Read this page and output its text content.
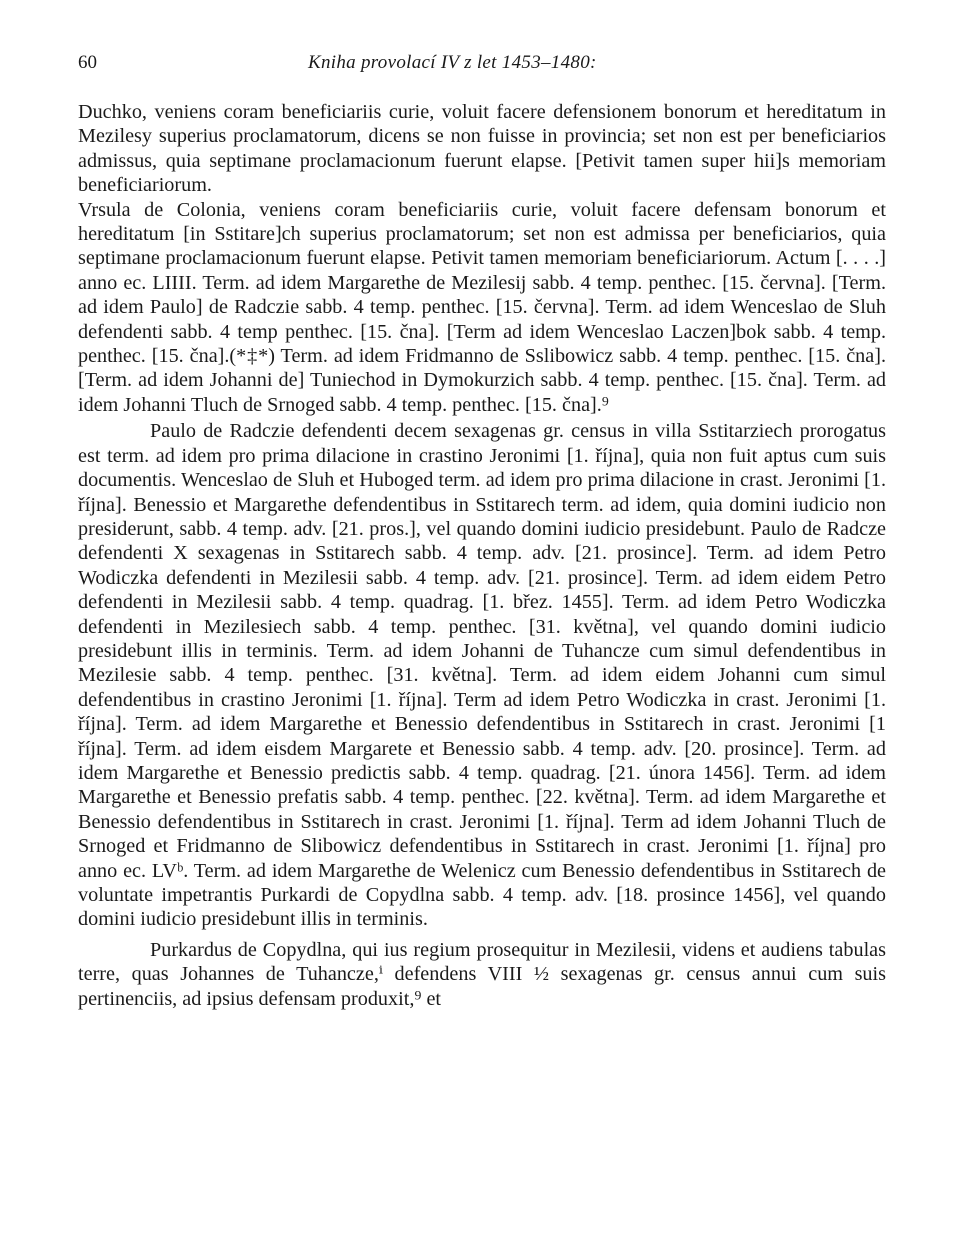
60	Kniha provolací IV z let 1453–1480:

Duchko, veniens coram beneficiariis curie, voluit facere defensionem bonorum et hereditatum in Mezilesy superius proclamatorum, dicens se non fuisse in provincia; set non est per beneficiarios admissus, quia septimane proclamacionum fuerunt elapse. [Petivit tamen super hii]s memoriam beneficiariorum.

Vrsula de Colonia, veniens coram beneficiariis curie, voluit facere defensam bonorum et hereditatum [in Sstitare]ch superius proclamatorum; set non est admissa per beneficiarios, quia septimane proclamacionum fuerunt elapse. Petivit tamen memoriam beneficiariorum. Actum [. . . .] anno ec. LIIII. Term. ad idem Margarethe de Mezilesij sabb. 4 temp. penthec. [15. června]. [Term. ad idem Paulo] de Radczie sabb. 4 temp. penthec. [15. června]. Term. ad idem Wenceslao de Sluh defendenti sabb. 4 temp penthec. [15. čna]. [Term ad idem Wenceslao Laczen]bok sabb. 4 temp. penthec. [15. čna].(*‡*) Term. ad idem Fridmanno de Sslibowicz sabb. 4 temp. penthec. [15. čna]. [Term. ad idem Johanni de] Tuniechod in Dymokurzich sabb. 4 temp. penthec. [15. čna]. Term. ad idem Johanni Tluch de Srnoged sabb. 4 temp. penthec. [15. čna].⁹

Paulo de Radczie defendenti decem sexagenas gr. census in villa Sstitarziech prorogatus est term. ad idem pro prima dilacione in crastino Jeronimi [1. října], quia non fuit aptus cum suis documentis. Wenceslao de Sluh et Huboged term. ad idem pro prima dilacione in crast. Jeronimi [1. října]. Benessio et Margarethe defendentibus in Sstitarech term. ad idem, quia domini iudicio non presiderunt, sabb. 4 temp. adv. [21. pros.], vel quando domini iudicio presidebunt. Paulo de Radcze defendenti X sexagenas in Sstitarech sabb. 4 temp. adv. [21. prosince]. Term. ad idem Petro Wodiczka defendenti in Mezilesii sabb. 4 temp. adv. [21. prosince]. Term. ad idem eidem Petro defendenti in Mezilesii sabb. 4 temp. quadrag. [1. břez. 1455]. Term. ad idem Petro Wodiczka defendenti in Mezilesiech sabb. 4 temp. penthec. [31. května], vel quando domini iudicio presidebunt illis in terminis. Term. ad idem Johanni de Tuhancze cum simul defendentibus in Mezilesie sabb. 4 temp. penthec. [31. května]. Term. ad idem eidem Johanni cum simul defendentibus in crastino Jeronimi [1. října]. Term ad idem Petro Wodiczka in crast. Jeronimi [1. října]. Term. ad idem Margarethe et Benessio defendentibus in Sstitarech in crast. Jeronimi [1 října]. Term. ad idem eisdem Margarete et Benessio sabb. 4 temp. adv. [20. prosince]. Term. ad idem Margarethe et Benessio predictis sabb. 4 temp. quadrag. [21. února 1456]. Term. ad idem Margarethe et Benessio prefatis sabb. 4 temp. penthec. [22. května]. Term. ad idem Margarethe et Benessio defendentibus in Sstitarech in crast. Jeronimi [1. října]. Term ad idem Johanni Tluch de Srnoged et Fridmanno de Slibowicz defendentibus in Sstitarech in crast. Jeronimi [1. října] pro anno ec. LVᵇ. Term. ad idem Margarethe de Welenicz cum Benessio defendentibus in Sstitarech de voluntate impetrantis Purkardi de Copydlna sabb. 4 temp. adv. [18. prosince 1456], vel quando domini iudicio presidebunt illis in terminis.

Purkardus de Copydlna, qui ius regium prosequitur in Mezilesii, videns et audiens tabulas terre, quas Johannes de Tuhancze,ⁱ defendens VIII ½ sexagenas gr. census annui cum suis pertinenciis, ad ipsius defensam produxit,⁹ et
